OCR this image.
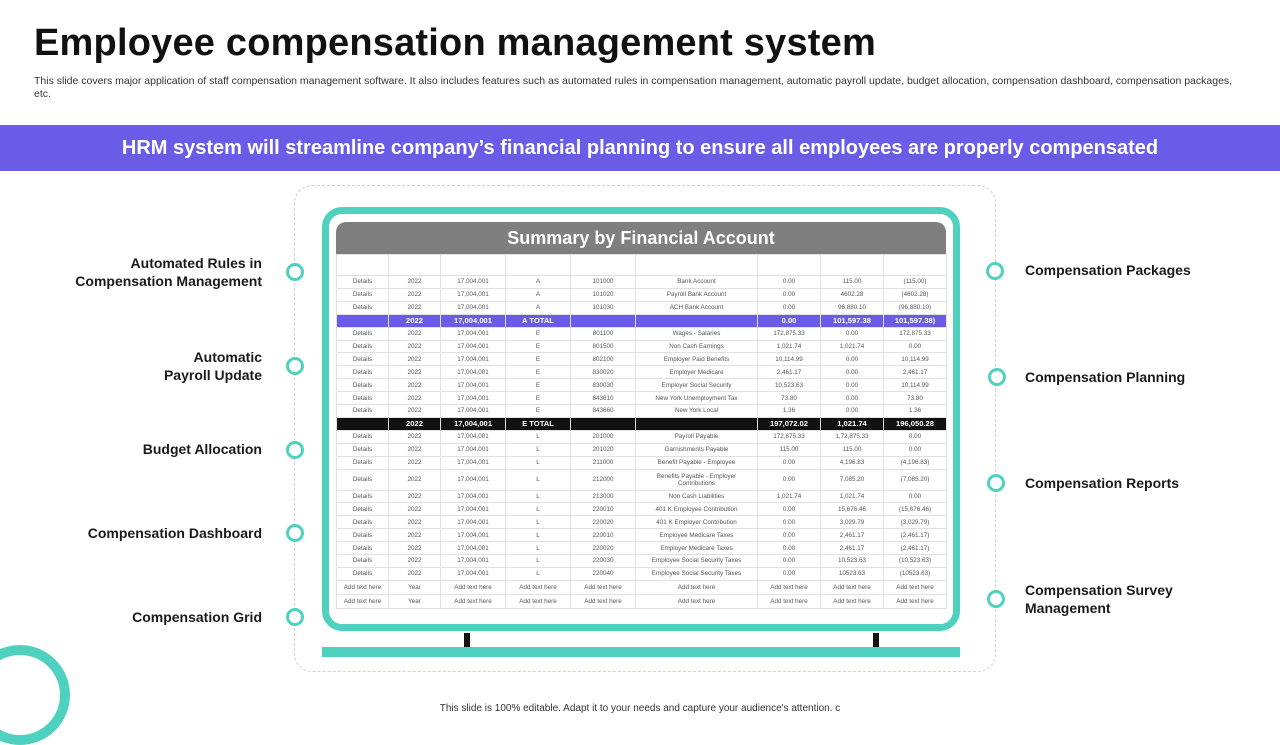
Employee compensation management system
This slide covers major application of staff compensation management software. It also includes features such as automated rules in compensation management, automatic payroll update, budget allocation, compensation dashboard, compensation packages, etc.
HRM system will streamline company’s financial planning to ensure all employees are properly compensated
Summary by Financial Account

Details	2022	17,004,001	A	101000	Bank Account	0.00	115.00	(115.00)
Details	2022	17,004,001	A	101020	Payroll Bank Account	0.00	4602.28	(4602.28)
Details	2022	17,004,001	A	101030	ACH Bank Account	0.00	96,880.10	(96,880.10)
	2022	17,004,001	A TOTAL			0.00	101,597.38	101,597.38)
Details	2022	17,004,001	E	801100	Wages - Salaries	172,875.33	0.00	172,875.33
Details	2022	17,004,001	E	801500	Non Cash Earnings	1,021.74	1,021.74	0.00
Details	2022	17,004,001	E	802100	Employer Paid Benefits	10,114.99	0.00	10,114.99
Details	2022	17,004,001	E	830020	Employer Medicare	2,461.17	0.00	2,461.17
Details	2022	17,004,001	E	830030	Employer Social Security	10,523.63	0.00	10,114.99
Details	2022	17,004,001	E	843610	New York Unemployment Tax	73.80	0.00	73.80
Details	2022	17,004,001	E	843660	New York Local	1.36	0.00	1.36
	2022	17,004,001	E TOTAL			197,072.02	1,021.74	196,050.28
Details	2022	17,004,001	L	201000	Payroll Payable	172,675.33	1,72,875.33	0.00
Details	2022	17,004,001	L	201020	Garnishments Payable	115.00	115.00	0.00
Details	2022	17,004,001	L	211000	Benefit Payable - Employee	0.00	4,196.83	(4,196.83)
Details	2022	17,004,001	L	212000	Benefits Payable - Employer Contributions	0.00	7,085.20	(7,085.20)
Details	2022	17,004,001	L	213000	Non Cash Liabilities	1,021.74	1,021.74	0.00
Details	2022	17,004,001	L	220010	401 K Employee Contribution	0.00	15,676.46	(15,676.46)
Details	2022	17,004,001	L	220020	401 K Employer Contribution	0.00	3,029.79	(3,029.79)
Details	2022	17,004,001	L	220010	Employee Medicare Taxes	0.00	2,461.17	(2,461.17)
Details	2022	17,004,001	L	220020	Employer Medicare Taxes	0.00	2,461.17	(2,461.17)
Details	2022	17,004,001	L	220030	Employee Social Security Taxes	0.00	10,523.63	(10,523.63)
Details	2022	17,004,001	L	220040	Employee Social Security Taxes	0.00	10523.63	(10523.63)
Add text here	Year	Add text here	Add text here	Add text here	Add text here	Add text here	Add text here	Add text here
Add text here	Year	Add text here	Add text here	Add text here	Add text here	Add text here	Add text here	Add text here
Automated Rules in
Compensation Management
Automatic
Payroll Update
Budget Allocation
Compensation Dashboard
Compensation Grid
Compensation Packages
Compensation Planning
Compensation Reports
Compensation Survey
Management
This slide is 100% editable. Adapt it to your needs and capture your audience's attention. c
